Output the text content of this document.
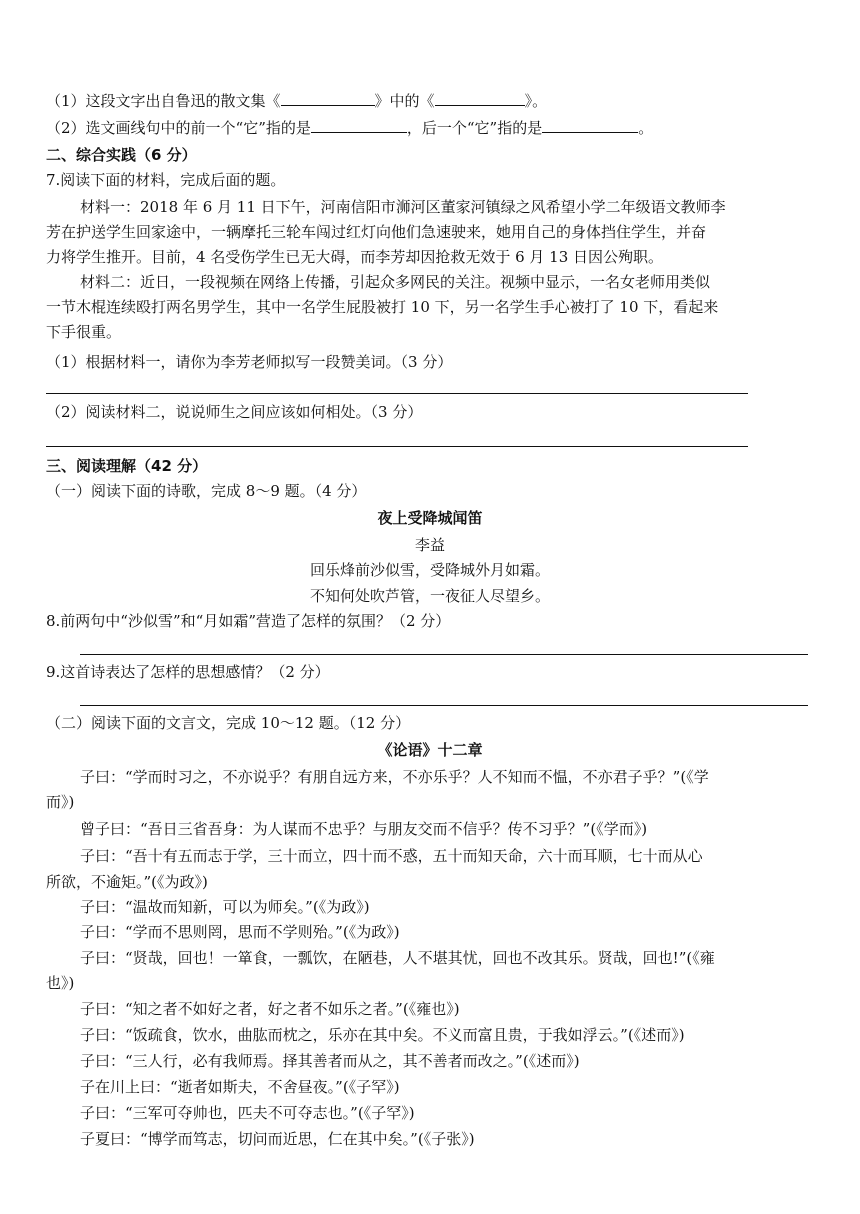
（1）这段文字出自鲁迅的散文集《	》中的《	》。
（2）选文画线句中的前一个“它”指的是	，后一个“它”指的是	。
二、综合实践（6 分）
7.阅读下面的材料，完成后面的题。
材料一：2018 年 6 月 11 日下午，河南信阳市浉河区董家河镇绿之风希望小学二年级语文教师李
芳在护送学生回家途中，一辆摩托三轮车闯过红灯向他们急速驶来，她用自己的身体挡住学生，并奋
力将学生推开。目前，4 名受伤学生已无大碍，而李芳却因抢救无效于 6 月 13 日因公殉职。
材料二：近日，一段视频在网络上传播，引起众多网民的关注。视频中显示，一名女老师用类似
一节木棍连续殴打两名男学生，其中一名学生屁股被打 10 下，另一名学生手心被打了 10 下，看起来
下手很重。
（1）根据材料一，请你为李芳老师拟写一段赞美词。（3 分）
（2）阅读材料二，说说师生之间应该如何相处。（3 分）
三、阅读理解（42 分）
（一）阅读下面的诗歌，完成 8～9 题。（4 分）
夜上受降城闻笛
李益
回乐烽前沙似雪，受降城外月如霜。
不知何处吹芦管，一夜征人尽望乡。
8.前两句中“沙似雪”和“月如霜”营造了怎样的氛围？（2 分）
9.这首诗表达了怎样的思想感情？（2 分）
（二）阅读下面的文言文，完成 10～12 题。（12 分）
《论语》十二章
子曰：“学而时习之，不亦说乎？有朋自远方来，不亦乐乎？人不知而不愠，不亦君子乎？”(《学
而》)
曾子曰：“吾日三省吾身：为人谋而不忠乎？与朋友交而不信乎？传不习乎？”(《学而》)
子曰：“吾十有五而志于学，三十而立，四十而不惑，五十而知天命，六十而耳顺，七十而从心
所欲，不逾矩。”(《为政》)
子曰：“温故而知新，可以为师矣。”(《为政》)
子曰：“学而不思则罔，思而不学则殆。”(《为政》)
子曰：“贤哉，回也！一箪食，一瓢饮，在陋巷，人不堪其忧，回也不改其乐。贤哉，回也!”(《雍
也》)
子曰：“知之者不如好之者，好之者不如乐之者。”(《雍也》)
子曰：“饭疏食，饮水，曲肱而枕之，乐亦在其中矣。不义而富且贵，于我如浮云。”(《述而》)
子曰：“三人行，必有我师焉。择其善者而从之，其不善者而改之。”(《述而》)
子在川上曰：“逝者如斯夫，不舍昼夜。”(《子罕》)
子曰：“三军可夺帅也，匹夫不可夺志也。”(《子罕》)
子夏曰：“博学而笃志，切问而近思，仁在其中矣。”(《子张》)
